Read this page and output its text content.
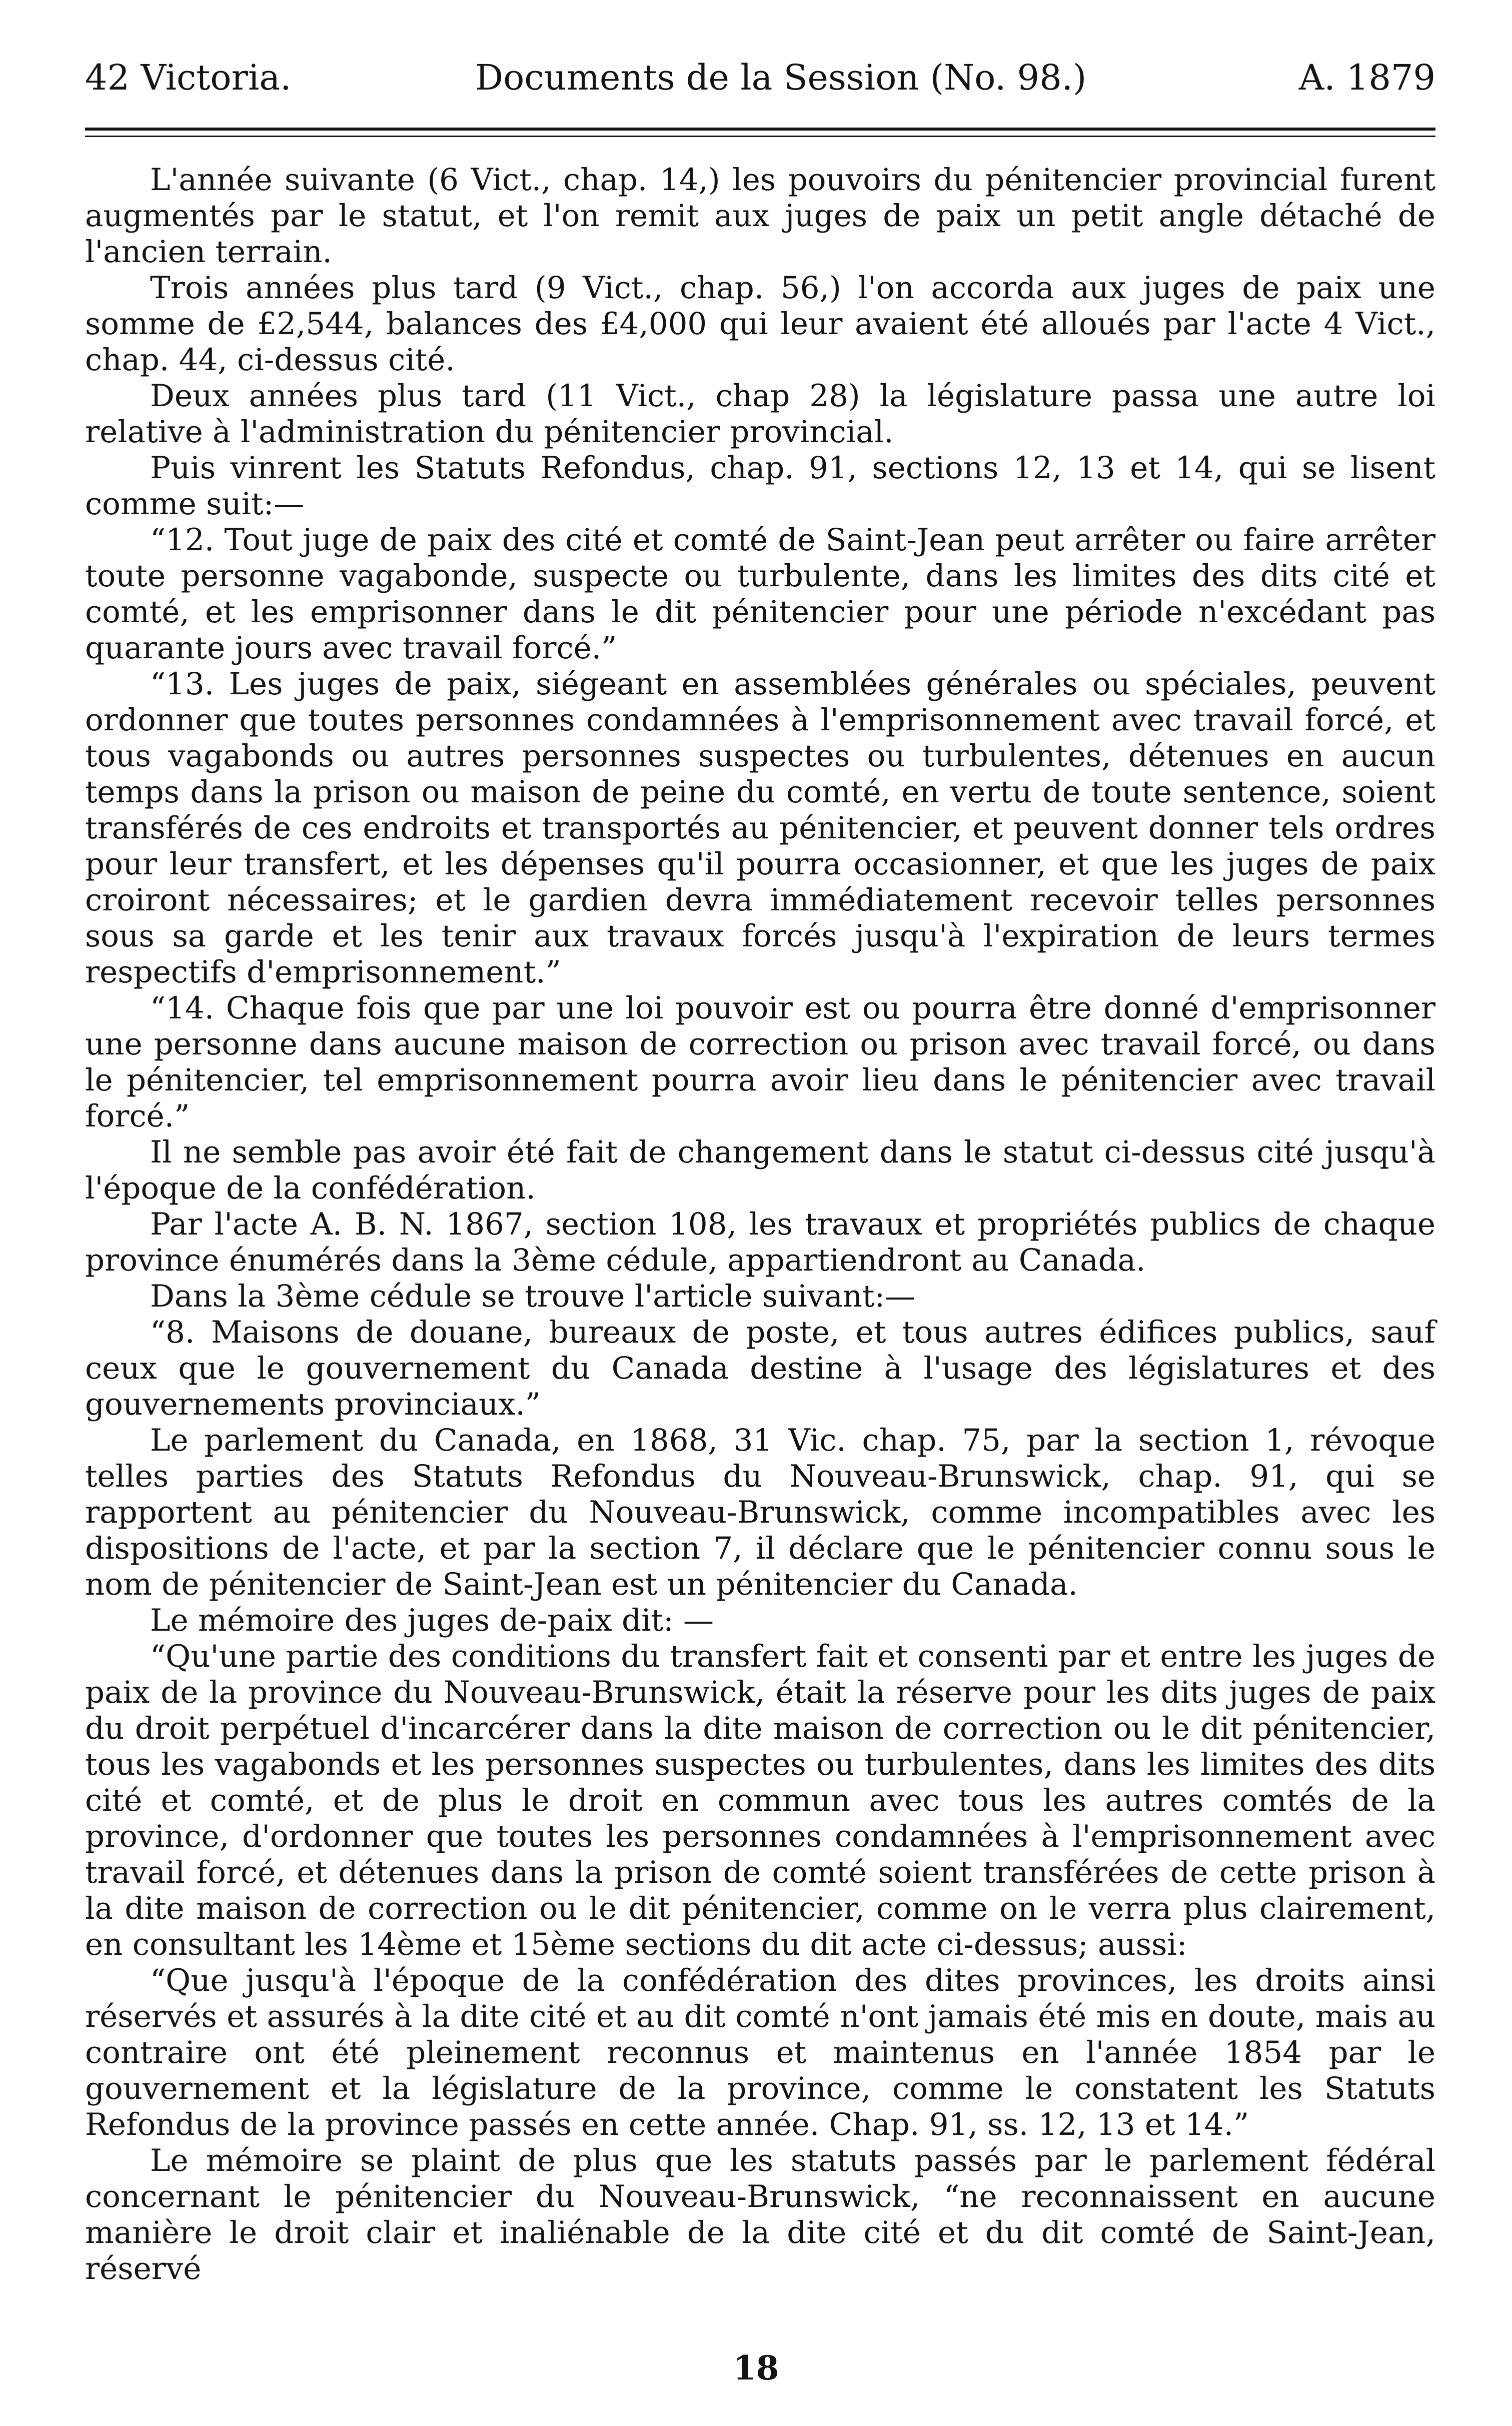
42 Victoria.	Documents de la Session (No. 98.)	A. 1879

L'année suivante (6 Vict., chap. 14,) les pouvoirs du pénitencier provincial furent augmentés par le statut, et l'on remit aux juges de paix un petit angle détaché de l'ancien terrain.

Trois années plus tard (9 Vict., chap. 56,) l'on accorda aux juges de paix une somme de £2,544, balances des £4,000 qui leur avaient été alloués par l'acte 4 Vict., chap. 44, ci-dessus cité.

Deux années plus tard (11 Vict., chap 28) la législature passa une autre loi relative à l'administration du pénitencier provincial.

Puis vinrent les Statuts Refondus, chap. 91, sections 12, 13 et 14, qui se lisent comme suit:—

“12. Tout juge de paix des cité et comté de Saint-Jean peut arrêter ou faire arrêter toute personne vagabonde, suspecte ou turbulente, dans les limites des dits cité et comté, et les emprisonner dans le dit pénitencier pour une période n'excédant pas quarante jours avec travail forcé.”

“13. Les juges de paix, siégeant en assemblées générales ou spéciales, peuvent ordonner que toutes personnes condamnées à l'emprisonnement avec travail forcé, et tous vagabonds ou autres personnes suspectes ou turbulentes, détenues en aucun temps dans la prison ou maison de peine du comté, en vertu de toute sentence, soient transférés de ces endroits et transportés au pénitencier, et peuvent donner tels ordres pour leur transfert, et les dépenses qu'il pourra occasionner, et que les juges de paix croiront nécessaires; et le gardien devra immédiatement recevoir telles personnes sous sa garde et les tenir aux travaux forcés jusqu'à l'expiration de leurs termes respectifs d'emprisonnement.”

“14. Chaque fois que par une loi pouvoir est ou pourra être donné d'emprisonner une personne dans aucune maison de correction ou prison avec travail forcé, ou dans le pénitencier, tel emprisonnement pourra avoir lieu dans le pénitencier avec travail forcé.”

Il ne semble pas avoir été fait de changement dans le statut ci-dessus cité jusqu'à l'époque de la confédération.

Par l'acte A. B. N. 1867, section 108, les travaux et propriétés publics de chaque province énumérés dans la 3ème cédule, appartiendront au Canada.

Dans la 3ème cédule se trouve l'article suivant:—

“8. Maisons de douane, bureaux de poste, et tous autres édifices publics, sauf ceux que le gouvernement du Canada destine à l'usage des législatures et des gouvernements provinciaux.”

Le parlement du Canada, en 1868, 31 Vic. chap. 75, par la section 1, révoque telles parties des Statuts Refondus du Nouveau-Brunswick, chap. 91, qui se rapportent au pénitencier du Nouveau-Brunswick, comme incompatibles avec les dispositions de l'acte, et par la section 7, il déclare que le pénitencier connu sous le nom de pénitencier de Saint-Jean est un pénitencier du Canada.

Le mémoire des juges de-paix dit: —

“Qu'une partie des conditions du transfert fait et consenti par et entre les juges de paix de la province du Nouveau-Brunswick, était la réserve pour les dits juges de paix du droit perpétuel d'incarcérer dans la dite maison de correction ou le dit pénitencier, tous les vagabonds et les personnes suspectes ou turbulentes, dans les limites des dits cité et comté, et de plus le droit en commun avec tous les autres comtés de la province, d'ordonner que toutes les personnes condamnées à l'emprisonnement avec travail forcé, et détenues dans la prison de comté soient transférées de cette prison à la dite maison de correction ou le dit pénitencier, comme on le verra plus clairement, en consultant les 14ème et 15ème sections du dit acte ci-dessus; aussi:

“Que jusqu'à l'époque de la confédération des dites provinces, les droits ainsi réservés et assurés à la dite cité et au dit comté n'ont jamais été mis en doute, mais au contraire ont été pleinement reconnus et maintenus en l'année 1854 par le gouvernement et la législature de la province, comme le constatent les Statuts Refondus de la province passés en cette année. Chap. 91, ss. 12, 13 et 14.”

Le mémoire se plaint de plus que les statuts passés par le parlement fédéral concernant le pénitencier du Nouveau-Brunswick, “ne reconnaissent en aucune manière le droit clair et inaliénable de la dite cité et du dit comté de Saint-Jean, réservé

18
